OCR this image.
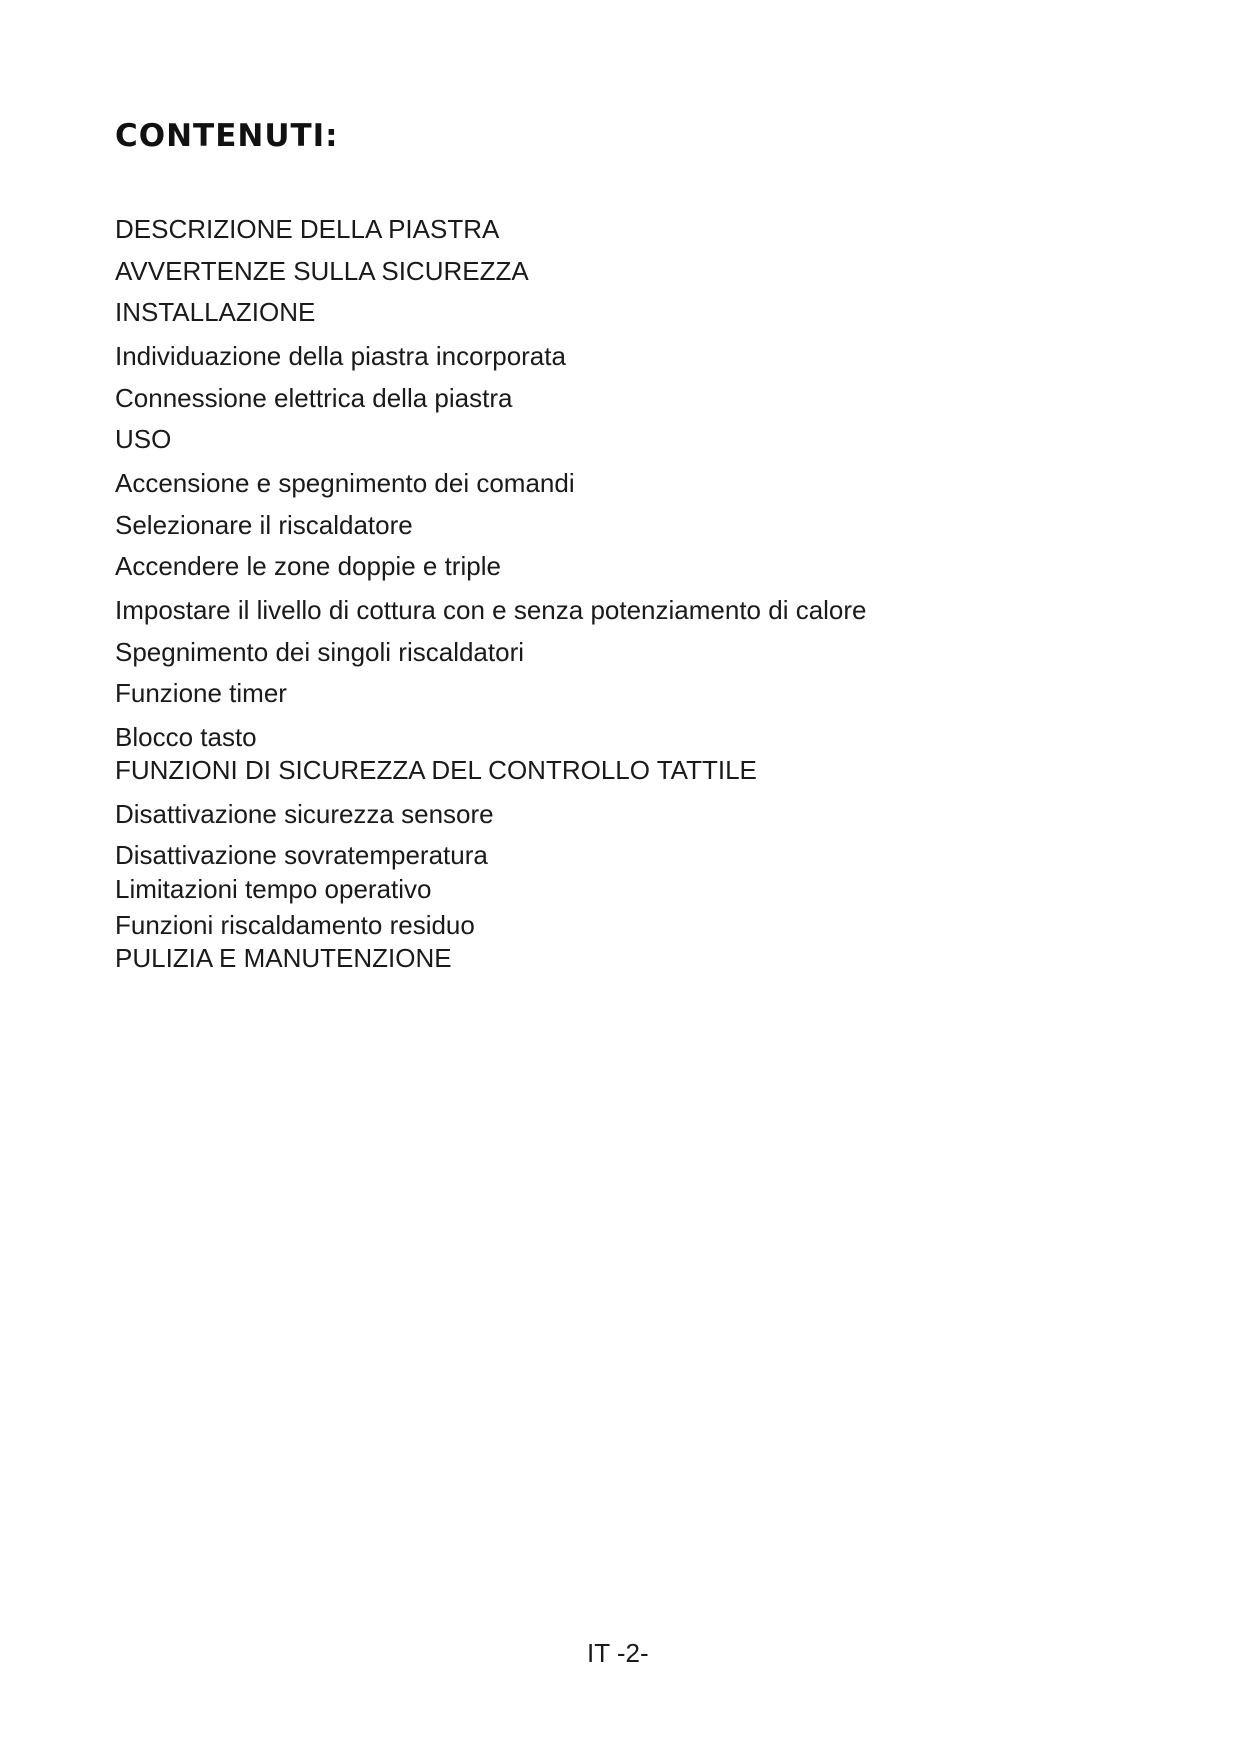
CONTENUTI:
DESCRIZIONE DELLA PIASTRA
AVVERTENZE SULLA SICUREZZA
INSTALLAZIONE
Individuazione della piastra incorporata
Connessione elettrica della piastra
USO
Accensione e spegnimento dei comandi
Selezionare il riscaldatore
Accendere le zone doppie e triple
Impostare il livello di cottura con e senza potenziamento di calore
Spegnimento dei singoli riscaldatori
Funzione timer
Blocco tasto
FUNZIONI DI SICUREZZA DEL CONTROLLO TATTILE
Disattivazione sicurezza sensore
Disattivazione sovratemperatura
Limitazioni tempo operativo
Funzioni riscaldamento residuo
PULIZIA E MANUTENZIONE
IT -2-
